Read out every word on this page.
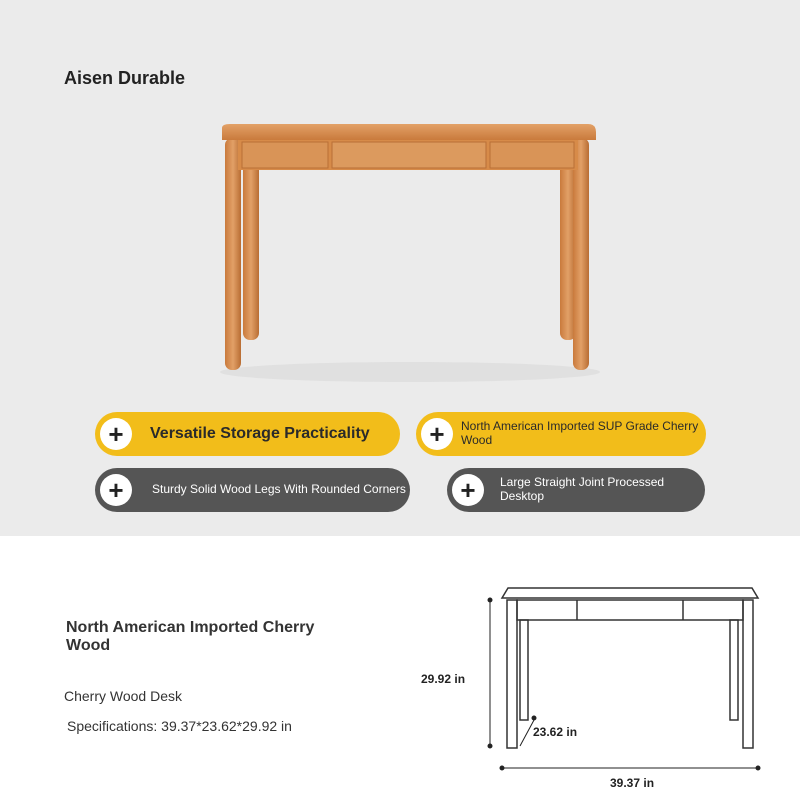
Aisen Durable
+	Versatile Storage Practicality	+	North American Imported SUP Grade Cherry Wood
+	Sturdy Solid Wood Legs With Rounded Corners	+	Large Straight Joint Processed Desktop
North American Imported Cherry Wood
Cherry Wood Desk
Specifications: 39.37*23.62*29.92 in
29.92 in
23.62 in
39.37 in
